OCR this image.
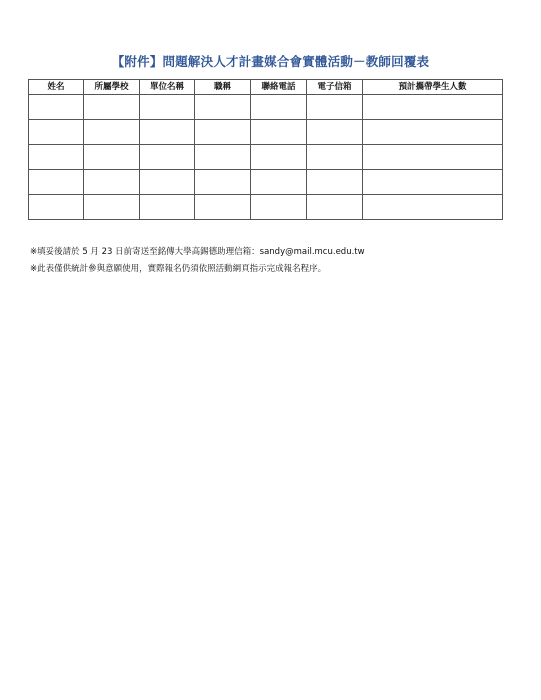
【附件】問題解決人才計畫媒合會實體活動－教師回覆表
姓名	所屬學校	單位名稱	職稱	聯絡電話	電子信箱	預計攜帶學生人數

※填妥後請於 5 月 23 日前寄送至銘傳大學高錫德助理信箱：sandy@mail.mcu.edu.tw
※此表僅供統計參與意願使用，實際報名仍須依照活動網頁指示完成報名程序。
